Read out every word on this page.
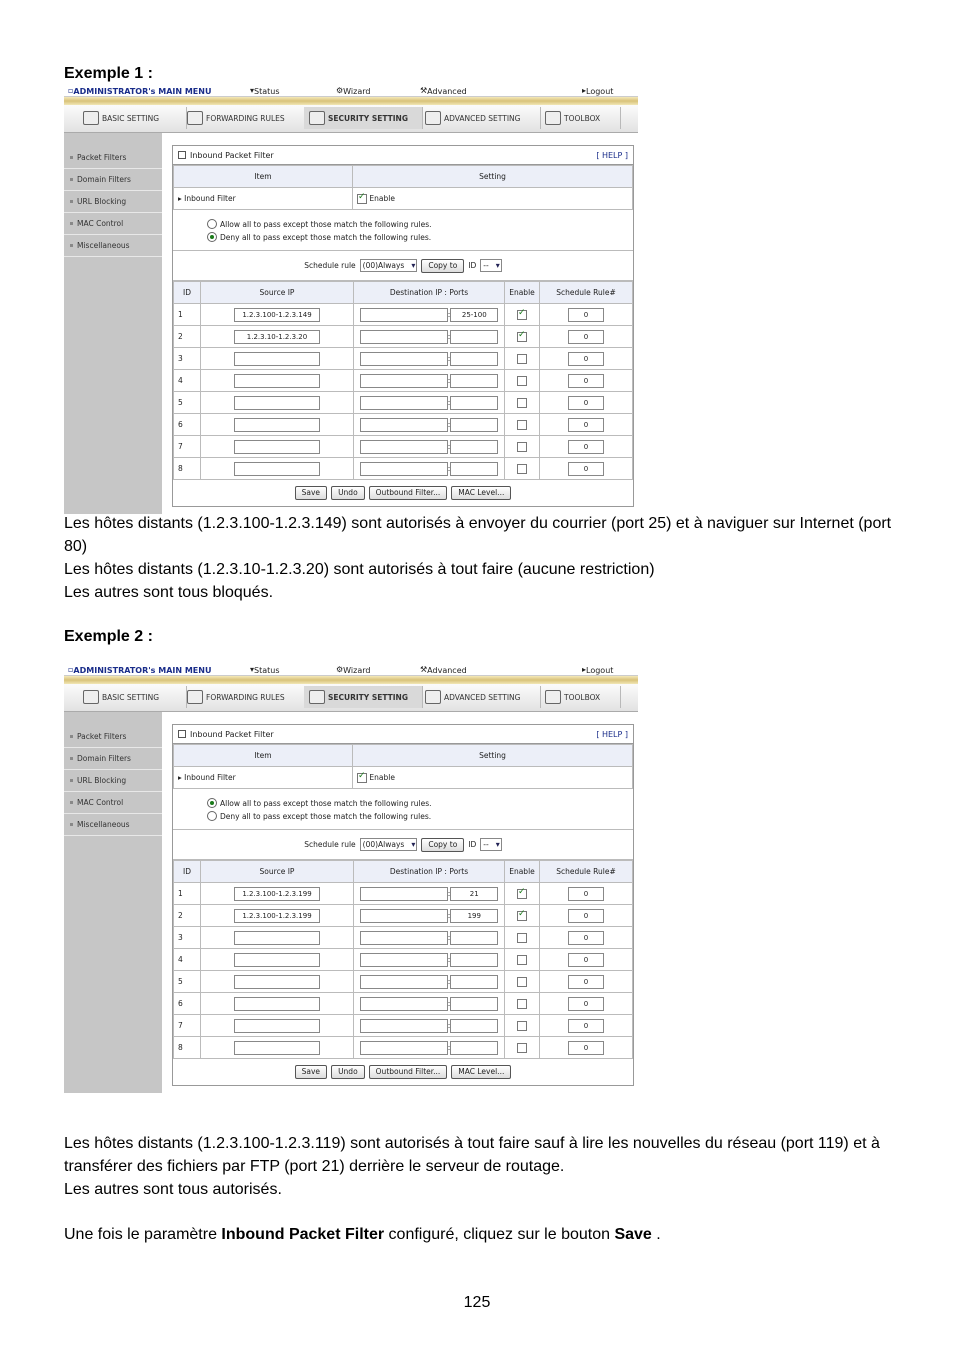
Exemple 1 :
▫ ADMINISTRATOR's MAIN MENU	▾ Status	⚙ Wizard	⚒ Advanced	▸ Logout
BASIC SETTING	FORWARDING RULES	SECURITY SETTING	ADVANCED SETTING	TOOLBOX
Packet Filters
Domain Filters
URL Blocking
MAC Control
Miscellaneous
Inbound Packet Filter	[ HELP ]
Item	Setting
▸ Inbound Filter	✓Enable
Allow all to pass except those match the following rules.
Deny all to pass except those match the following rules.
Schedule rule (00)Always ▾	Copy to	ID -- ▾
ID	Source IP	Destination IP : Ports	Enable	Schedule Rule#
1	1.2.3.100-1.2.3.149	: 25-100	✓	0
2	1.2.3.10-1.2.3.20	:	✓	0
3		:		0
4		:		0
5		:		0
6		:		0
7		:		0
8		:		0
Save	Undo	Outbound Filter...	MAC Level...

Les hôtes distants (1.2.3.100-1.2.3.149) sont autorisés à envoyer du courrier (port 25) et à naviguer sur Internet (port 80)

Les hôtes distants (1.2.3.10-1.2.3.20) sont autorisés à tout faire (aucune restriction)

Les autres sont tous bloqués.

Exemple 2 :
▫ ADMINISTRATOR's MAIN MENU	▾ Status	⚙ Wizard	⚒ Advanced	▸ Logout
BASIC SETTING	FORWARDING RULES	SECURITY SETTING	ADVANCED SETTING	TOOLBOX
Packet Filters
Domain Filters
URL Blocking
MAC Control
Miscellaneous
Inbound Packet Filter	[ HELP ]
Item	Setting
▸ Inbound Filter	✓Enable
Allow all to pass except those match the following rules.
Deny all to pass except those match the following rules.
Schedule rule (00)Always ▾	Copy to	ID -- ▾
ID	Source IP	Destination IP : Ports	Enable	Schedule Rule#
1	1.2.3.100-1.2.3.199	: 21	✓	0
2	1.2.3.100-1.2.3.199	: 199	✓	0
3		:		0
4		:		0
5		:		0
6		:		0
7		:		0
8		:		0
Save	Undo	Outbound Filter...	MAC Level...

Les hôtes distants (1.2.3.100-1.2.3.119) sont autorisés à tout faire sauf à lire les nouvelles du réseau (port 119) et à transférer des fichiers par FTP (port 21) derrière le serveur de routage.

Les autres sont tous autorisés.

Une fois le paramètre Inbound Packet Filter configuré, cliquez sur le bouton Save .

125
